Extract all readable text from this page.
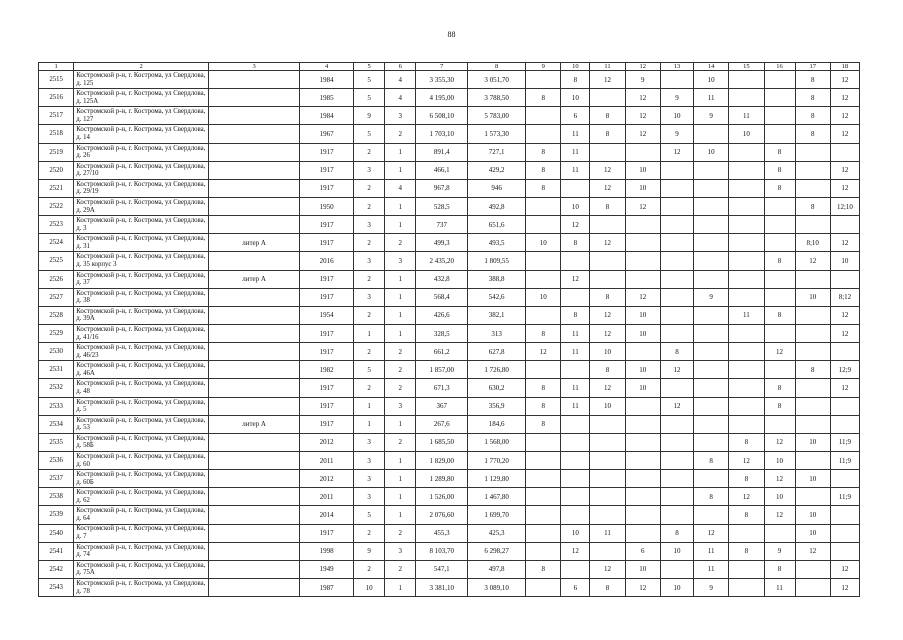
88
1	2	3	4	5	6	7	8	9	10	11	12	13	14	15	16	17	18
2515	Костромской р-н, г. Кострома, ул Свердлова, д. 125		1984	5	4	3 355,30	3 051,70		8	12	9		10			8	12
2516	Костромской р-н, г. Кострома, ул Свердлова, д. 125А		1985	5	4	4 195,00	3 788,50	8	10		12	9	11			8	12
2517	Костромской р-н, г. Кострома, ул Свердлова, д. 127		1984	9	3	6 508,10	5 783,00		6	8	12	10	9	11		8	12
2518	Костромской р-н, г. Кострома, ул Свердлова, д. 14		1967	5	2	1 703,10	1 573,30		11	8	12	9		10		8	12
2519	Костромской р-н, г. Кострома, ул Свердлова, д. 26		1917	2	1	891,4	727,1	8	11			12	10		8		
2520	Костромской р-н, г. Кострома, ул Свердлова, д. 27/10		1917	3	1	466,1	429,2	8	11	12	10				8		12
2521	Костромской р-н, г. Кострома, ул Свердлова, д. 29/19		1917	2	4	967,8	946	8		12	10				8		12
2522	Костромской р-н, г. Кострома, ул Свердлова, д. 29А		1950	2	1	528,5	492,8		10	8	12					8	12;10
2523	Костромской р-н, г. Кострома, ул Свердлова, д. 3		1917	3	1	737	651,6		12								
2524	Костромской р-н, г. Кострома, ул Свердлова, д. 31	литер А	1917	2	2	499,3	493,5	10	8	12						8;10	12
2525	Костромской р-н, г. Кострома, ул Свердлова, д. 35 корпус 3		2016	3	3	2 435,20	1 809,55								8	12	10
2526	Костромской р-н, г. Кострома, ул Свердлова, д. 37	литер А	1917	2	1	432,8	388,8		12								
2527	Костромской р-н, г. Кострома, ул Свердлова, д. 38		1917	3	1	568,4	542,6	10		8	12		9			10	8;12
2528	Костромской р-н, г. Кострома, ул Свердлова, д. 39А		1954	2	1	426,6	382,1		8	12	10			11	8		12
2529	Костромской р-н, г. Кострома, ул Свердлова, д. 41/16		1917	1	1	328,5	313	8	11	12	10						12
2530	Костромской р-н, г. Кострома, ул Свердлова, д. 46/23		1917	2	2	661,2	627,8	12	11	10		8			12		
2531	Костромской р-н, г. Кострома, ул Свердлова, д. 46А		1982	5	2	1 857,00	1 726,80			8	10	12				8	12;9
2532	Костромской р-н, г. Кострома, ул Свердлова, д. 48		1917	2	2	671,3	630,2	8	11	12	10				8		12
2533	Костромской р-н, г. Кострома, ул Свердлова, д. 5		1917	1	3	367	356,9	8	11	10		12			8		
2534	Костромской р-н, г. Кострома, ул Свердлова, д. 53	литер А	1917	1	1	267,6	184,6	8									
2535	Костромской р-н, г. Кострома, ул Свердлова, д. 58Б		2012	3	2	1 685,50	1 568,00							8	12	10	11;9
2536	Костромской р-н, г. Кострома, ул Свердлова, д. 60		2011	3	1	1 829,00	1 770,20						8	12	10		11;9
2537	Костромской р-н, г. Кострома, ул Свердлова, д. 60Б		2012	3	1	1 289,80	1 129,80							8	12	10	
2538	Костромской р-н, г. Кострома, ул Свердлова, д. 62		2011	3	1	1 526,00	1 467,80						8	12	10		11;9
2539	Костромской р-н, г. Кострома, ул Свердлова, д. 64		2014	5	1	2 076,60	1 699,70							8	12	10	
2540	Костромской р-н, г. Кострома, ул Свердлова, д. 7		1917	2	2	455,3	425,3		10	11		8	12			10	
2541	Костромской р-н, г. Кострома, ул Свердлова, д. 74		1998	9	3	8 103,70	6 298,27		12		6	10	11	8	9	12	
2542	Костромской р-н, г. Кострома, ул Свердлова, д. 75А		1949	2	2	547,1	497,8	8		12	10		11		8		12
2543	Костромской р-н, г. Кострома, ул Свердлова, д. 78		1987	10	1	3 381,10	3 089,10		6	8	12	10	9		11		12
